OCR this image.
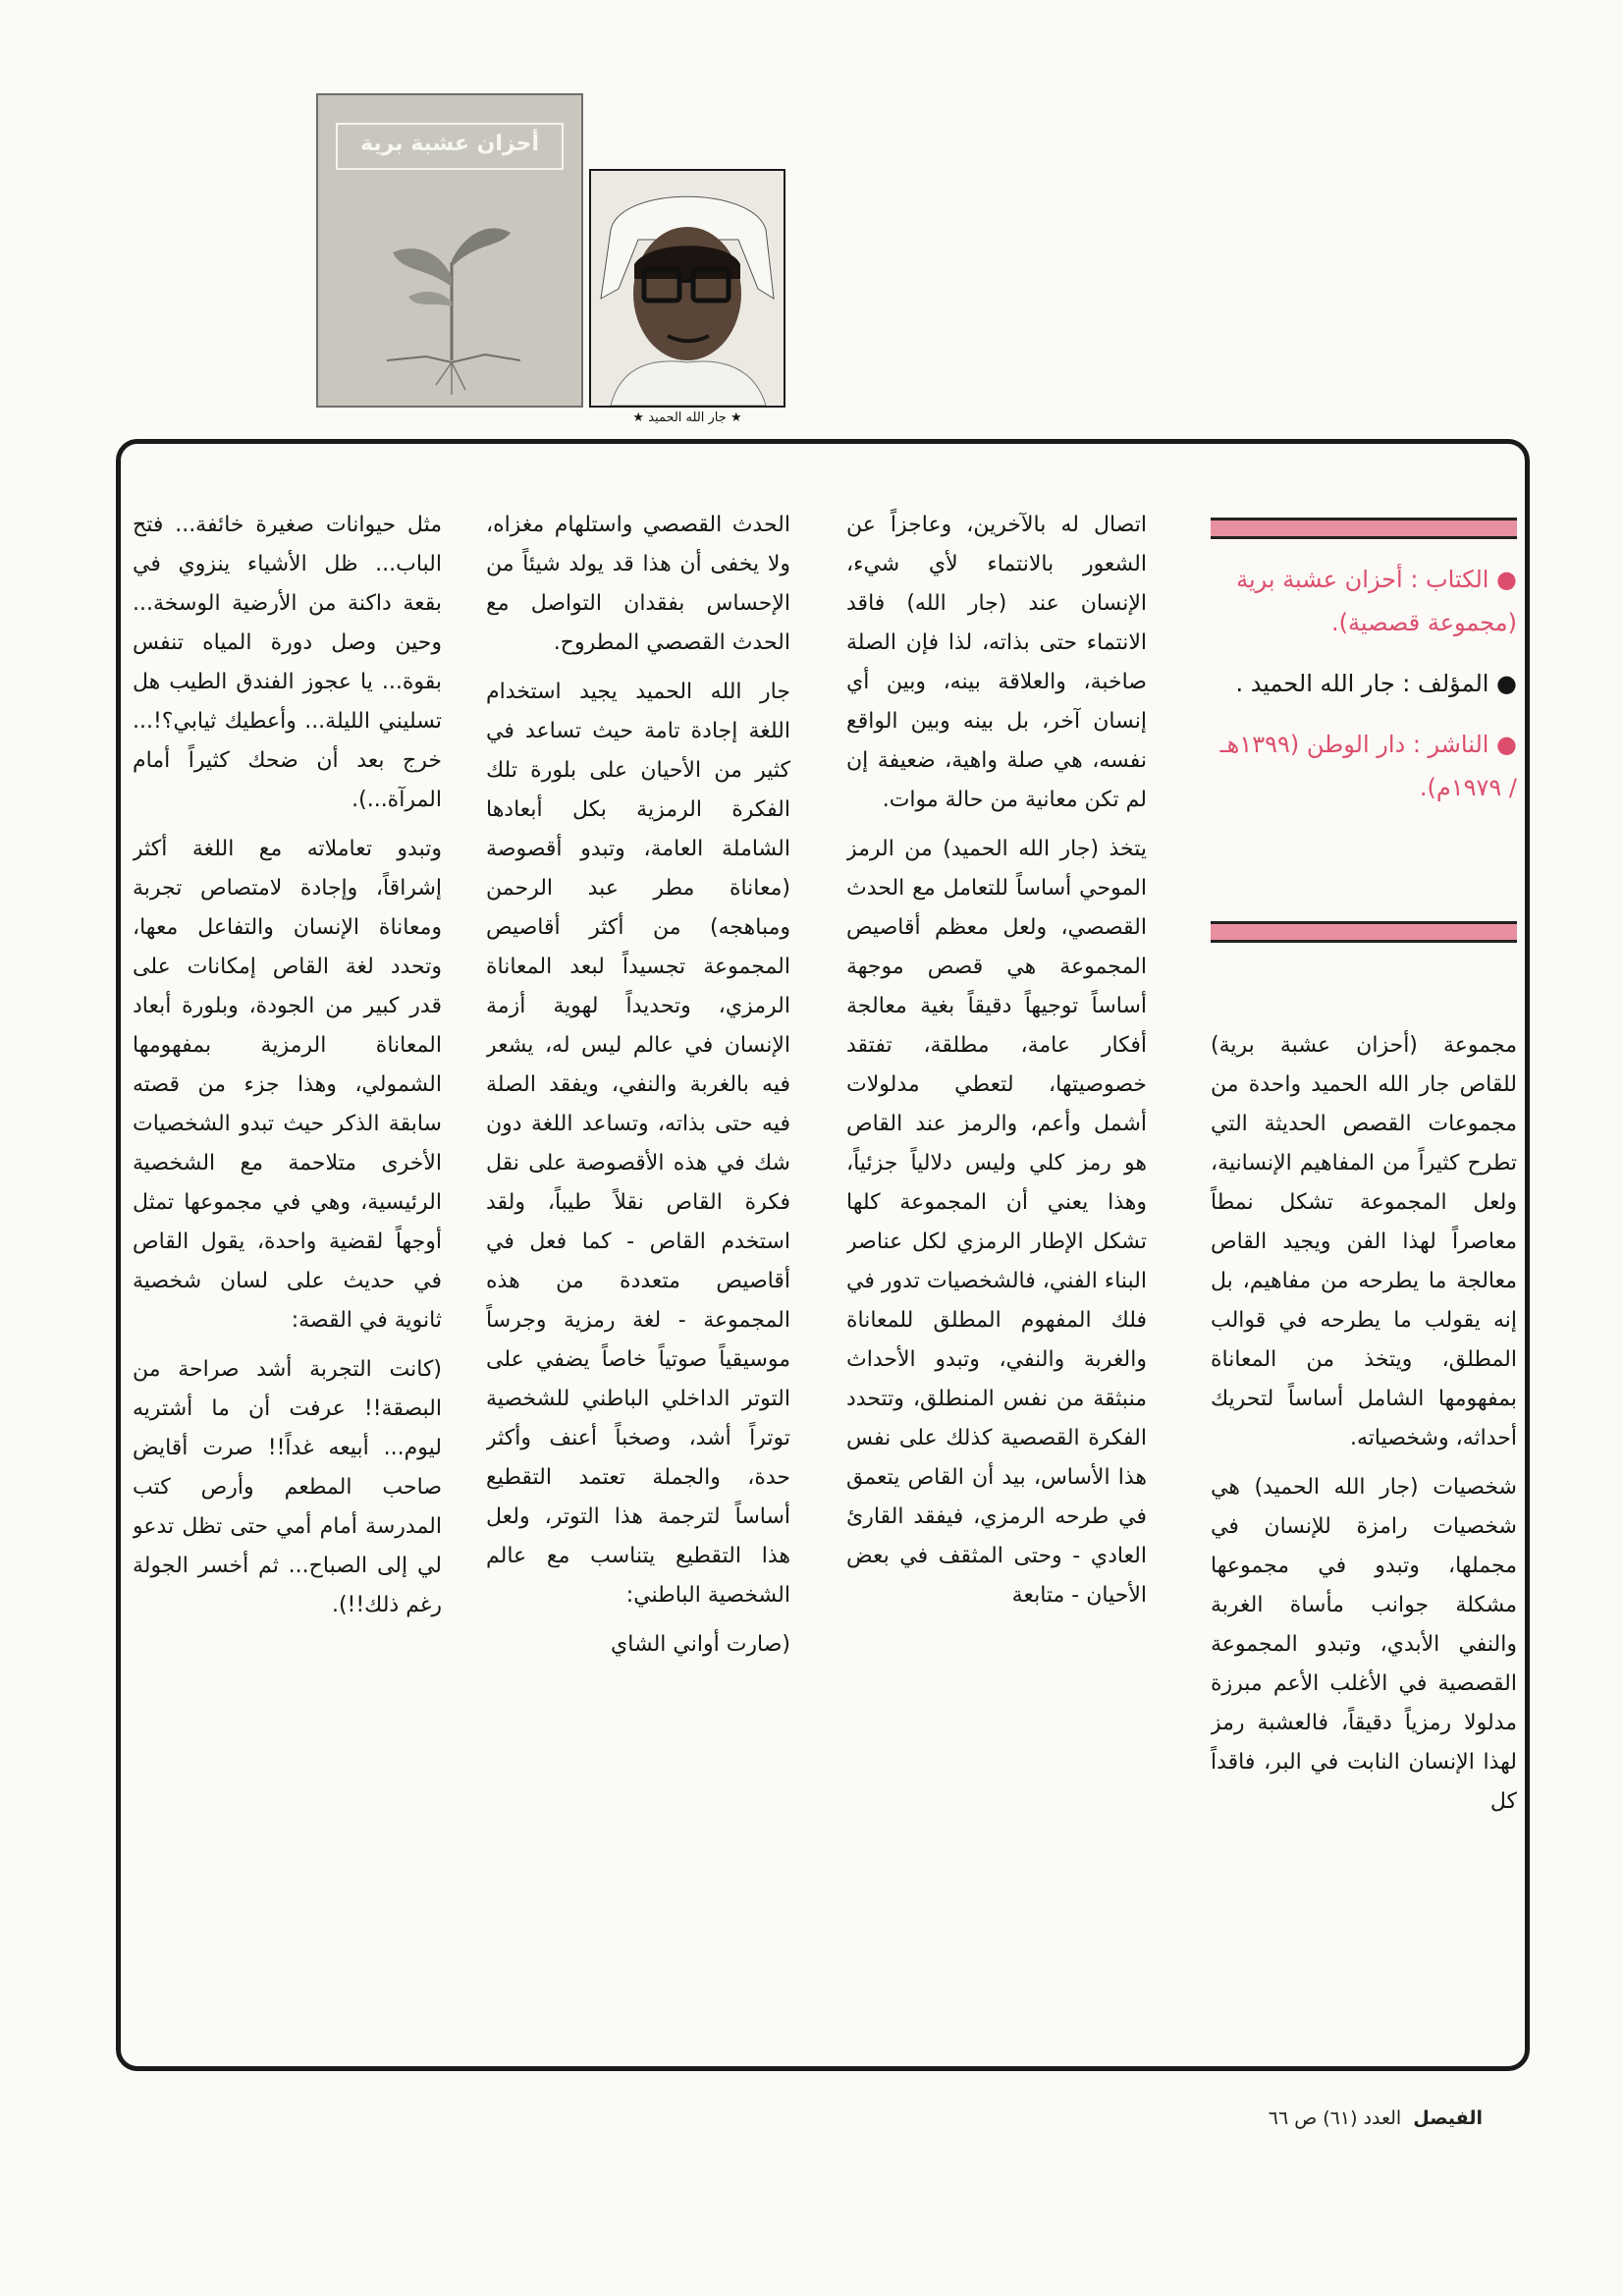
أحزان عشبة برية
★ جار الله الحميد ★
● الكتاب : أحزان عشبة برية (مجموعة قصصية).
● المؤلف : جار الله الحميد .
● الناشر : دار الوطن (١٣٩٩هـ / ١٩٧٩م).

مجموعة (أحزان عشبة برية) للقاص جار الله الحميد واحدة من مجموعات القصص الحديثة التي تطرح كثيراً من المفاهيم الإنسانية، ولعل المجموعة تشكل نمطاً معاصراً لهذا الفن ويجيد القاص معالجة ما يطرحه من مفاهيم، بل إنه يقولب ما يطرحه في قوالب المطلق، ويتخذ من المعاناة بمفهومها الشامل أساساً لتحريك أحداثه، وشخصياته.

شخصيات (جار الله الحميد) هي شخصيات رامزة للإنسان في مجملها، وتبدو في مجموعها مشكلة جوانب مأساة الغربة والنفي الأبدي، وتبدو المجموعة القصصية في الأغلب الأعم مبرزة مدلولا رمزياً دقيقاً، فالعشبة رمز لهذا الإنسان النابت في البر، فاقداً كل

اتصال له بالآخرين، وعاجزاً عن الشعور بالانتماء لأي شيء، الإنسان عند (جار الله) فاقد الانتماء حتى بذاته، لذا فإن الصلة صاخبة، والعلاقة بينه، وبين أي إنسان آخر، بل بينه وبين الواقع نفسه، هي صلة واهية، ضعيفة إن لم تكن معانية من حالة موات.

يتخذ (جار الله الحميد) من الرمز الموحي أساساً للتعامل مع الحدث القصصي، ولعل معظم أقاصيص المجموعة هي قصص موجهة أساساً توجيهاً دقيقاً بغية معالجة أفكار عامة، مطلقة، تفتقد خصوصيتها، لتعطي مدلولات أشمل وأعم، والرمز عند القاص هو رمز كلي وليس دلالياً جزئياً، وهذا يعني أن المجموعة كلها تشكل الإطار الرمزي لكل عناصر البناء الفني، فالشخصيات تدور في فلك المفهوم المطلق للمعاناة والغربة والنفي، وتبدو الأحداث منبثقة من نفس المنطلق، وتتحدد الفكرة القصصية كذلك على نفس هذا الأساس، بيد أن القاص يتعمق في طرحه الرمزي، فيفقد القارئ العادي - وحتى المثقف في بعض الأحيان - متابعة

الحدث القصصي واستلهام مغزاه، ولا يخفى أن هذا قد يولد شيئاً من الإحساس بفقدان التواصل مع الحدث القصصي المطروح.

جار الله الحميد يجيد استخدام اللغة إجادة تامة حيث تساعد في كثير من الأحيان على بلورة تلك الفكرة الرمزية بكل أبعادها الشاملة العامة، وتبدو أقصوصة (معاناة مطر عبد الرحمن ومباهجه) من أكثر أقاصيص المجموعة تجسيداً لبعد المعاناة الرمزي، وتحديداً لهوية أزمة الإنسان في عالم ليس له، يشعر فيه بالغربة والنفي، ويفقد الصلة فيه حتى بذاته، وتساعد اللغة دون شك في هذه الأقصوصة على نقل فكرة القاص نقلاً طيباً، ولقد استخدم القاص - كما فعل في أقاصيص متعددة من هذه المجموعة - لغة رمزية وجرساً موسيقياً صوتياً خاصاً يضفي على التوتر الداخلي الباطني للشخصية توتراً أشد، وصخباً أعنف وأكثر حدة، والجملة تعتمد التقطيع أساساً لترجمة هذا التوتر، ولعل هذا التقطيع يتناسب مع عالم الشخصية الباطني:

(صارت أواني الشاي

مثل حيوانات صغيرة خائفة... فتح الباب... ظل الأشياء ينزوي في بقعة داكنة من الأرضية الوسخة... وحين وصل دورة المياه تنفس بقوة... يا عجوز الفندق الطيب هل تسليني الليلة... وأعطيك ثيابي؟!... خرج بعد أن ضحك كثيراً أمام المرآة...).

وتبدو تعاملاته مع اللغة أكثر إشراقاً، وإجادة لامتصاص تجربة ومعاناة الإنسان والتفاعل معها، وتحدد لغة القاص إمكانات على قدر كبير من الجودة، وبلورة أبعاد المعاناة الرمزية بمفهومها الشمولي، وهذا جزء من قصته سابقة الذكر حيث تبدو الشخصيات الأخرى متلاحمة مع الشخصية الرئيسية، وهي في مجموعها تمثل أوجهاً لقضية واحدة، يقول القاص في حديث على لسان شخصية ثانوية في القصة:

(كانت التجربة أشد صراحة من البصقة!! عرفت أن ما أشتريه ليوم... أبيعه غداً!! صرت أقايض صاحب المطعم وأرص كتب المدرسة أمام أمي حتى تظل تدعو لي إلى الصباح... ثم أخسر الجولة رغم ذلك!!).

الفيصل العدد (٦١) ص ٦٦
